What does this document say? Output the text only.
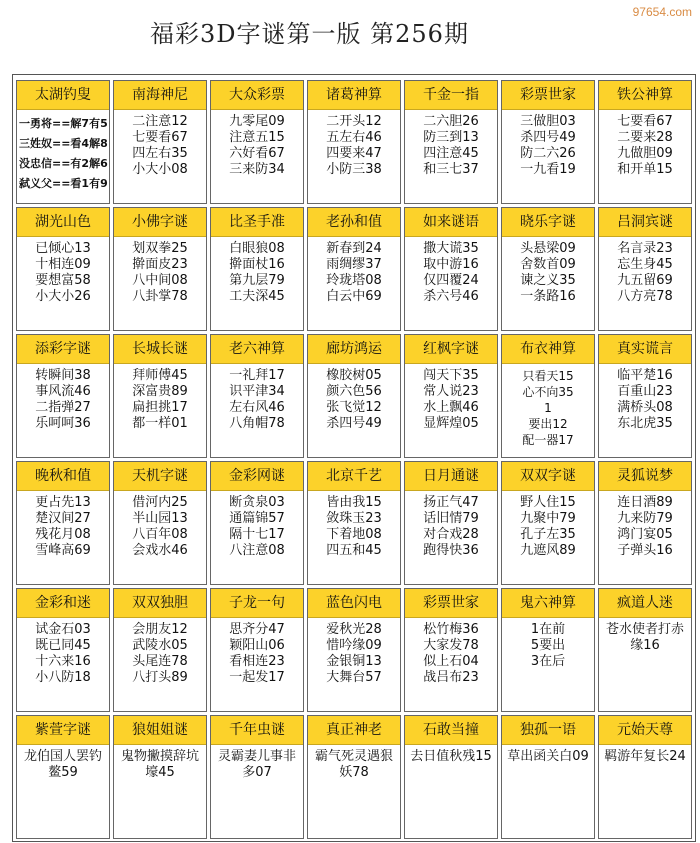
福彩3D字谜第一版 第256期
97654.com
太湖钓叟
一勇将==解7有5
三姓奴==看4解8
没忠信==有2解6
弑义父==看1有9
南海神尼
二注意12
七要看67
四左右35
小大小08
大众彩票
九零尾09
注意五15
六好看67
三来防34
诸葛神算
二开头12
五左右46
四要来47
小防三38
千金一指
二六胆26
防三到13
四注意45
和三七37
彩票世家
三做胆03
杀四号49
防二六26
一九看19
铁公神算
七要看67
二要来28
九做胆09
和开单15
湖光山色
已倾心13
十相连09
要想富58
小大小26
小佛字谜
划双拳25
擀面皮23
八中间08
八卦掌78
比圣手准
白眼狼08
擀面杖16
第九层79
工夫深45
老孙和值
新春到24
雨绸缪37
玲珑塔08
白云中69
如来谜语
撒大谎35
取中游16
仅四覆24
杀六号46
晓乐字谜
头悬梁09
舍数首09
谏之义35
一条路16
吕洞宾谜
名言录23
忘生身45
九五留69
八方亮78
添彩字谜
转瞬间38
事风流46
二指弹27
乐呵呵36
长城长谜
拜师傅45
深富贵89
扁担挑17
都一样01
老六神算
一礼拜17
识平津34
左右风46
八角帽78
廊坊鸿运
橡胶树05
颜六色56
张飞觉12
杀四号49
红枫字谜
闯天下35
常人说23
水上飘46
显辉煌05
布衣神算
只看天15
心不向35
1
要出12
配一器17
真实谎言
临平楚16
百重山23
满桥头08
东北虎35
晚秋和值
更占先13
楚汉间27
残花月08
雪峰高69
天机字谜
借河内25
半山园13
八百年08
会戏水46
金彩网谜
断贪泉03
通篇锦57
隔十七17
八注意08
北京千艺
皆由我15
敛珠玉23
下着地08
四五和45
日月通谜
扬正气47
话旧情79
对合戏28
跑得快36
双双字谜
野人住15
九聚中79
孔子左35
九遮风89
灵狐说梦
连日酒89
九来防79
鸿门宴05
子弹头16
金彩和迷
试金石03
既已同45
十六来16
小八防18
双双独胆
会朋友12
武陵水05
头尾连78
八打头89
子龙一句
思齐分47
颖阳山06
看相连23
一起发17
蓝色闪电
爱秋光28
惜吟缘09
金银铜13
大舞台57
彩票世家
松竹梅36
大家发78
似上石04
战吕布23
鬼六神算
1在前
5要出
3在后
疯道人迷
苍水使者打赤
缘16
紫萱字谜
龙伯国人罢钓
鳌59
狼姐姐谜
鬼物撇摸辞坑
壕45
千年虫谜
灵霸妻儿事非
多07
真正神老
霸气死灵遇狠
妖78
石敢当撞
去日值秋残15
独孤一语
草出函关白09
元始天尊
羁游年复长24
